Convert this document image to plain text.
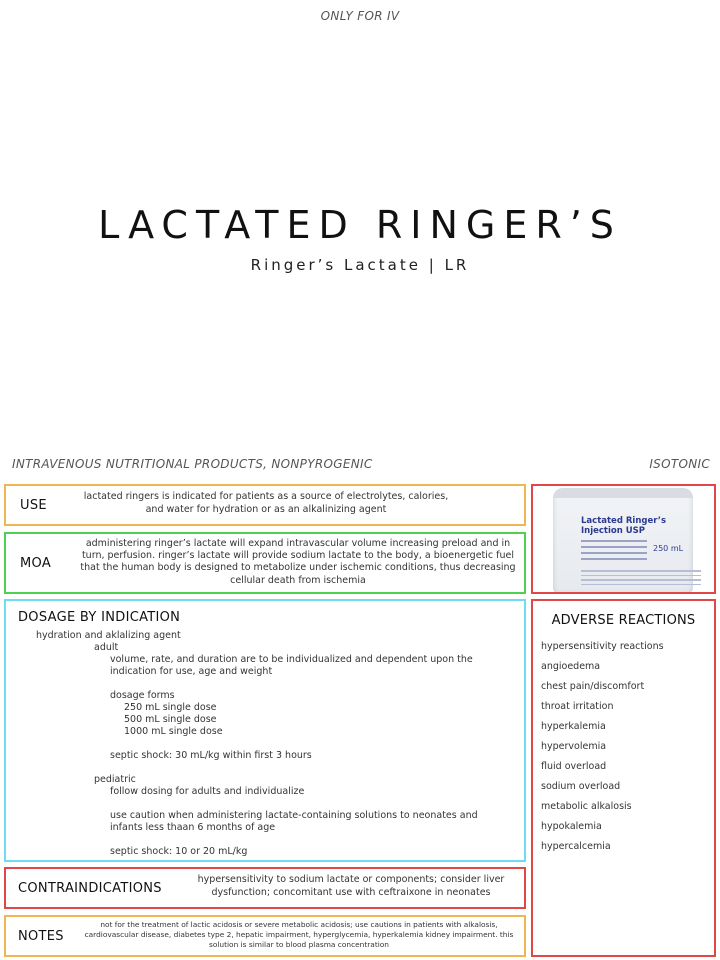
ONLY FOR IV
LACTATED RINGER’S
Ringer’s Lactate | LR
INTRAVENOUS NUTRITIONAL PRODUCTS, NONPYROGENIC	ISOTONIC
USE
lactated ringers is indicated for patients as a source of electrolytes, calories, and water for hydration or as an alkalinizing agent
MOA
administering ringer’s lactate will expand intravascular volume increasing preload and in turn, perfusion. ringer’s lactate will provide sodium lactate to the body, a bioenergetic fuel that the human body is designed to metabolize under ischemic conditions, thus decreasing cellular death from ischemia
DOSAGE BY INDICATION
hydration and aklalizing agent
adult
volume, rate, and duration are to be individualized and dependent upon the
indication for use, age and weight
dosage forms
250 mL single dose
500 mL single dose
1000 mL single dose
septic shock: 30 mL/kg within first 3 hours
pediatric
follow dosing for adults and individualize
use caution when administering lactate-containing solutions to neonates and
infants less thaan 6 months of age
septic shock: 10 or 20 mL/kg
CONTRAINDICATIONS
hypersensitivity to sodium lactate or components; consider liver dysfunction; concomitant use with ceftraixone in neonates
NOTES
not for the treatment of lactic acidosis or severe metabolic acidosis; use cautions in patients with alkalosis, cardiovascular disease, diabetes type 2, hepatic impairment, hyperglycemia, hyperkalemia kidney impairment. this solution is similar to blood plasma concentration
Lactated Ringer’s Injection USP
250 mL
ADVERSE REACTIONS
hypersensitivity reactions
angioedema
chest pain/discomfort
throat irritation
hyperkalemia
hypervolemia
fluid overload
sodium overload
metabolic alkalosis
hypokalemia
hypercalcemia
